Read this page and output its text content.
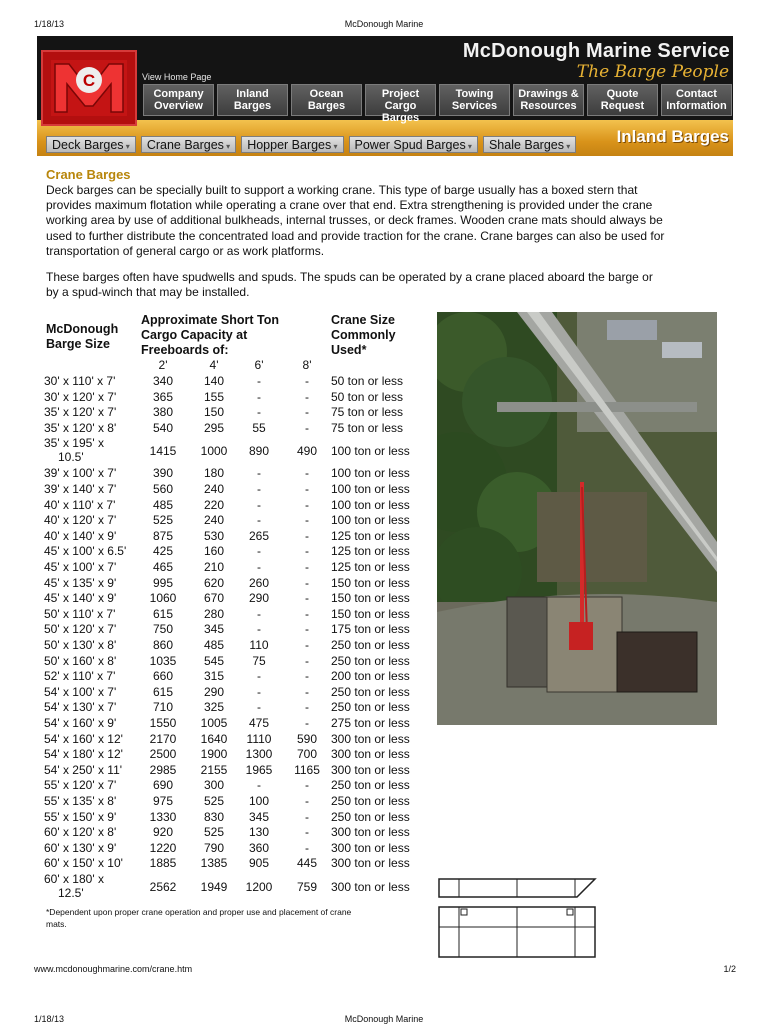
1/18/13	McDonough Marine
C
McDonough Marine Service
The Barge People
View Home Page
Company
Overview
Inland
Barges
Ocean
Barges
Project Cargo
Barges
Towing
Services
Drawings &
Resources
Quote
Request
Contact
Information
Deck Barges ▾	Crane Barges ▾	Hopper Barges ▾	Power Spud Barges ▾	Shale Barges ▾	Inland Barges
Crane Barges
Deck barges can be specially built to support a working crane. This type of barge usually has a boxed stern that
provides maximum flotation while operating a crane over that end. Extra strengthening is provided under the crane
working area by use of additional bulkheads, internal trusses, or deck frames. Wooden crane mats should always be
used to further distribute the concentrated load and provide traction for the crane. Crane barges can also be used for
transportation of general cargo or as work platforms.
These barges often have spudwells and spuds. The spuds can be operated by a crane placed aboard the barge or
by a spud-winch that may be installed.
McDonough
Barge Size
Approximate Short Ton
Cargo Capacity at
Freeboards of:
Crane Size
Commonly
Used*
2'	4'	6'	8'
30' x 110' x 7'	340	140	-	-	50 ton or less
30' x 120' x 7'	365	155	-	-	50 ton or less
35' x 120' x 7'	380	150	-	-	75 ton or less
35' x 120' x 8'	540	295	55	-	75 ton or less
35' x 195' x
10.5'	1415	1000	890	490	100 ton or less
39' x 100' x 7'	390	180	-	-	100 ton or less
39' x 140' x 7'	560	240	-	-	100 ton or less
40' x 110' x 7'	485	220	-	-	100 ton or less
40' x 120' x 7'	525	240	-	-	100 ton or less
40' x 140' x 9'	875	530	265	-	125 ton or less
45' x 100' x 6.5'	425	160	-	-	125 ton or less
45' x 100' x 7'	465	210	-	-	125 ton or less
45' x 135' x 9'	995	620	260	-	150 ton or less
45' x 140' x 9'	1060	670	290	-	150 ton or less
50' x 110' x 7'	615	280	-	-	150 ton or less
50' x 120' x 7'	750	345	-	-	175 ton or less
50' x 130' x 8'	860	485	110	-	250 ton or less
50' x 160' x 8'	1035	545	75	-	250 ton or less
52' x 110' x 7'	660	315	-	-	200 ton or less
54' x 100' x 7'	615	290	-	-	250 ton or less
54' x 130' x 7'	710	325	-	-	250 ton or less
54' x 160' x 9'	1550	1005	475	-	275 ton or less
54' x 160' x 12'	2170	1640	1110	590	300 ton or less
54' x 180' x 12'	2500	1900	1300	700	300 ton or less
54' x 250' x 11'	2985	2155	1965	1165 300 ton or less
55' x 120' x 7'	690	300	-	-	250 ton or less
55' x 135' x 8'	975	525	100	-	250 ton or less
55' x 150' x 9'	1330	830	345	-	250 ton or less
60' x 120' x 8'	920	525	130	-	300 ton or less
60' x 130' x 9'	1220	790	360	-	300 ton or less
60' x 150' x 10'	1885	1385	905	445	300 ton or less
60' x 180' x
12.5'	2562	1949	1200	759	300 ton or less
*Dependent upon proper crane operation and proper use and placement of crane
mats.
www.mcdonoughmarine.com/crane.htm	1/2
1/18/13	McDonough Marine
